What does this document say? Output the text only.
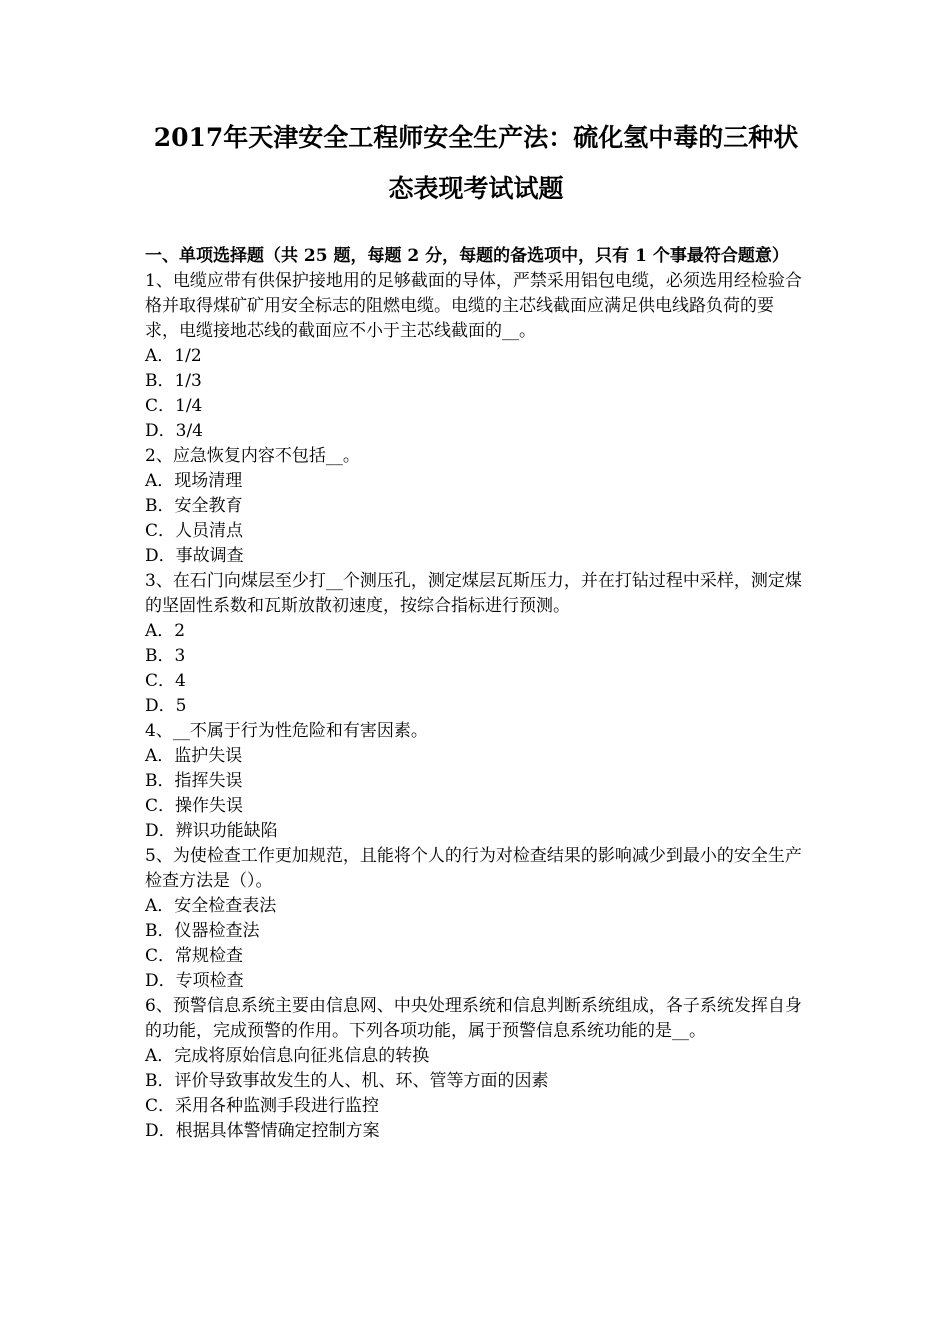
2017年天津安全工程师安全生产法：硫化氢中毒的三种状态表现考试试题

一、单项选择题（共 25 题，每题 2 分，每题的备选项中，只有 1 个事最符合题意）

1、电缆应带有供保护接地用的足够截面的导体，严禁采用铝包电缆，必须选用经检验合格并取得煤矿矿用安全标志的阻燃电缆。电缆的主芯线截面应满足供电线路负荷的要求，电缆接地芯线的截面应不小于主芯线截面的__。

A．1/2

B．1/3

C．1/4

D．3/4

2、应急恢复内容不包括__。

A．现场清理

B．安全教育

C．人员清点

D．事故调查

3、在石门向煤层至少打__个测压孔，测定煤层瓦斯压力，并在打钻过程中采样，测定煤的坚固性系数和瓦斯放散初速度，按综合指标进行预测。

A．2

B．3

C．4

D．5

4、__不属于行为性危险和有害因素。

A．监护失误

B．指挥失误

C．操作失误

D．辨识功能缺陷

5、为使检查工作更加规范，且能将个人的行为对检查结果的影响减少到最小的安全生产检查方法是（）。

A．安全检查表法

B．仪器检查法

C．常规检查

D．专项检查

6、预警信息系统主要由信息网、中央处理系统和信息判断系统组成，各子系统发挥自身的功能，完成预警的作用。下列各项功能，属于预警信息系统功能的是__。

A．完成将原始信息向征兆信息的转换

B．评价导致事故发生的人、机、环、管等方面的因素

C．采用各种监测手段进行监控

D．根据具体警情确定控制方案
